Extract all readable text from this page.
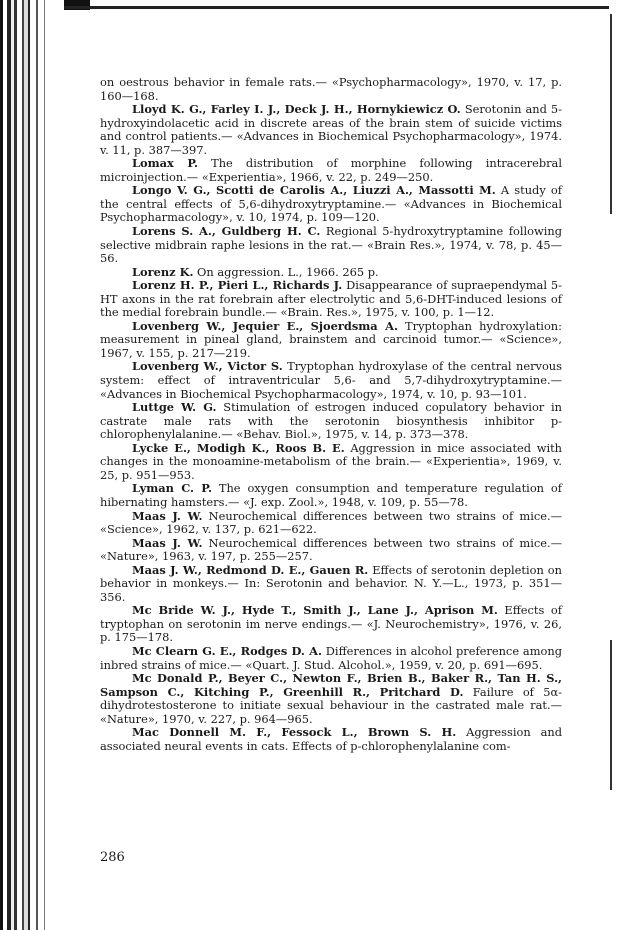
on oestrous behavior in female rats.— «Psychopharmacology», 1970, v. 17, p. 160—168.

Lloyd K. G., Farley I. J., Deck J. H., Hornykiewicz O. Serotonin and 5-hydroxyindolacetic acid in discrete areas of the brain stem of suicide victims and control patients.— «Advances in Biochemical Psychopharmacology», 1974. v. 11, p. 387—397.

Lomax P. The distribution of morphine following intracerebral microinjection.— «Experientia», 1966, v. 22, p. 249—250.

Longo V. G., Scotti de Carolis A., Liuzzi A., Massotti M. A study of the central effects of 5,6-dihydroxytryptamine.— «Advances in Biochemical Psychopharmacology», v. 10, 1974, p. 109—120.

Lorens S. A., Guldberg H. C. Regional 5-hydroxytryptamine following selective midbrain raphe lesions in the rat.— «Brain Res.», 1974, v. 78, p. 45—56.

Lorenz K. On aggression. L., 1966. 265 p.

Lorenz H. P., Pieri L., Richards J. Disappearance of supraependymal 5-HT axons in the rat forebrain after electrolytic and 5,6-DHT-induced lesions of the medial forebrain bundle.— «Brain. Res.», 1975, v. 100, p. 1—12.

Lovenberg W., Jequier E., Sjoerdsma A. Tryptophan hydroxylation: measurement in pineal gland, brainstem and carcinoid tumor.— «Science», 1967, v. 155, p. 217—219.

Lovenberg W., Victor S. Tryptophan hydroxylase of the central nervous system: effect of intraventricular 5,6- and 5,7-dihydroxytryptamine.— «Advances in Biochemical Psychopharmacology», 1974, v. 10, p. 93—101.

Luttge W. G. Stimulation of estrogen induced copulatory behavior in castrate male rats with the serotonin biosynthesis inhibitor p-chlorophenylalanine.— «Behav. Biol.», 1975, v. 14, p. 373—378.

Lycke E., Modigh K., Roos B. E. Aggression in mice associated with changes in the monoamine-metabolism of the brain.— «Experientia», 1969, v. 25, p. 951—953.

Lyman C. P. The oxygen consumption and temperature regulation of hibernating hamsters.— «J. exp. Zool.», 1948, v. 109, p. 55—78.

Maas J. W. Neurochemical differences between two strains of mice.— «Science», 1962, v. 137, p. 621—622.

Maas J. W. Neurochemical differences between two strains of mice.— «Nature», 1963, v. 197, p. 255—257.

Maas J. W., Redmond D. E., Gauen R. Effects of serotonin depletion on behavior in monkeys.— In: Serotonin and behavior. N. Y.—L., 1973, p. 351—356.

Mc Bride W. J., Hyde T., Smith J., Lane J., Aprison M. Effects of tryptophan on serotonin im nerve endings.— «J. Neurochemistry», 1976, v. 26, p. 175—178.

Mc Clearn G. E., Rodges D. A. Differences in alcohol preference among inbred strains of mice.— «Quart. J. Stud. Alcohol.», 1959, v. 20, p. 691—695.

Mc Donald P., Beyer C., Newton F., Brien B., Baker R., Tan H. S., Sampson C., Kitching P., Greenhill R., Pritchard D. Failure of 5α-dihydrotestosterone to initiate sexual behaviour in the castrated male rat.— «Nature», 1970, v. 227, p. 964—965.

Mac Donnell M. F., Fessock L., Brown S. H. Aggression and associated neural events in cats. Effects of p-chlorophenylalanine com-

286
